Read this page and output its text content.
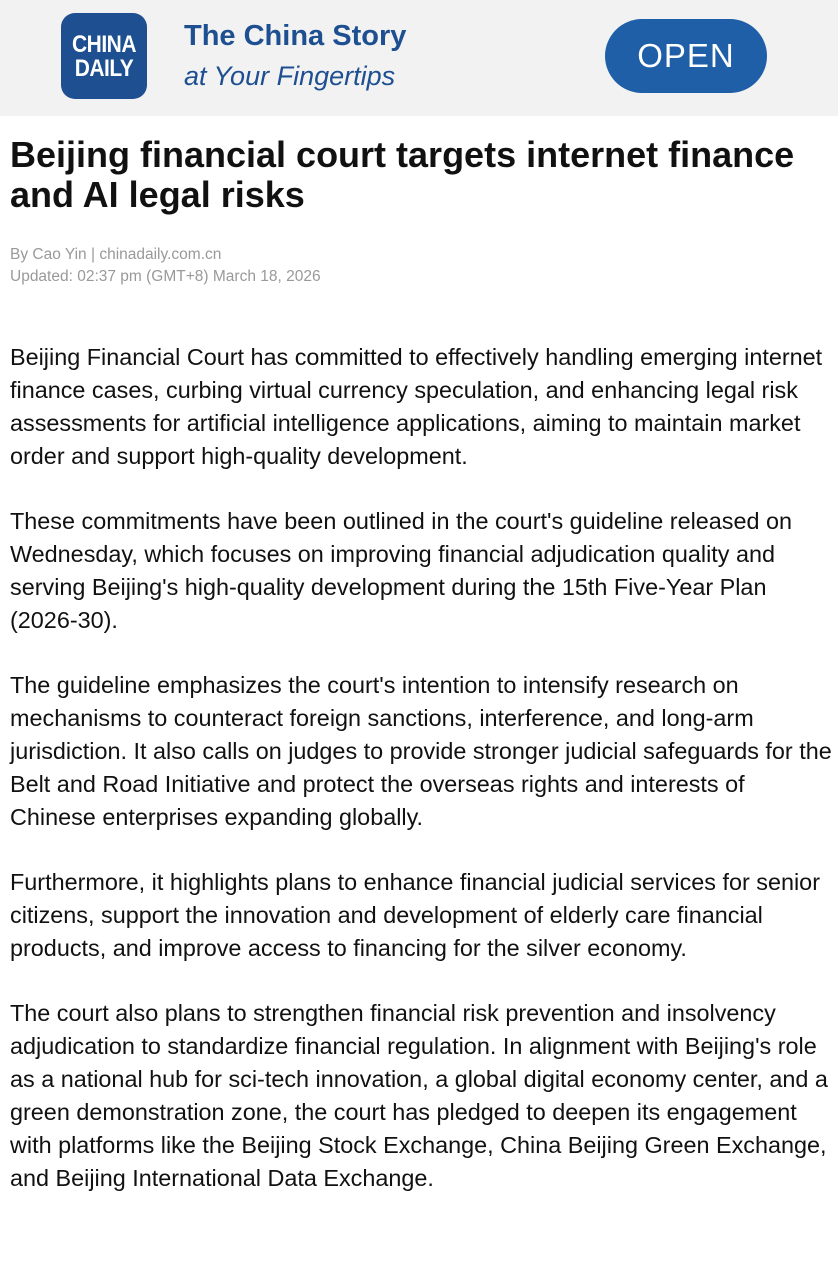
CHINA
DAILY
The China Story
at Your Fingertips
OPEN
Beijing financial court targets internet finance and AI legal risks
By Cao Yin | chinadaily.com.cn
Updated: 02:37 pm (GMT+8) March 18, 2026

Beijing Financial Court has committed to effectively handling emerging internet finance cases, curbing virtual currency speculation, and enhancing legal risk assessments for artificial intelligence applications, aiming to maintain market order and support high-quality development.

These commitments have been outlined in the court's guideline released on Wednesday, which focuses on improving financial adjudication quality and serving Beijing's high-quality development during the 15th Five-Year Plan (2026-30).

The guideline emphasizes the court's intention to intensify research on mechanisms to counteract foreign sanctions, interference, and long-arm jurisdiction. It also calls on judges to provide stronger judicial safeguards for the Belt and Road Initiative and protect the overseas rights and interests of Chinese enterprises expanding globally.

Furthermore, it highlights plans to enhance financial judicial services for senior citizens, support the innovation and development of elderly care financial products, and improve access to financing for the silver economy.

The court also plans to strengthen financial risk prevention and insolvency adjudication to standardize financial regulation. In alignment with Beijing's role as a national hub for sci-tech innovation, a global digital economy center, and a green demonstration zone, the court has pledged to deepen its engagement with platforms like the Beijing Stock Exchange, China Beijing Green Exchange, and Beijing International Data Exchange.
